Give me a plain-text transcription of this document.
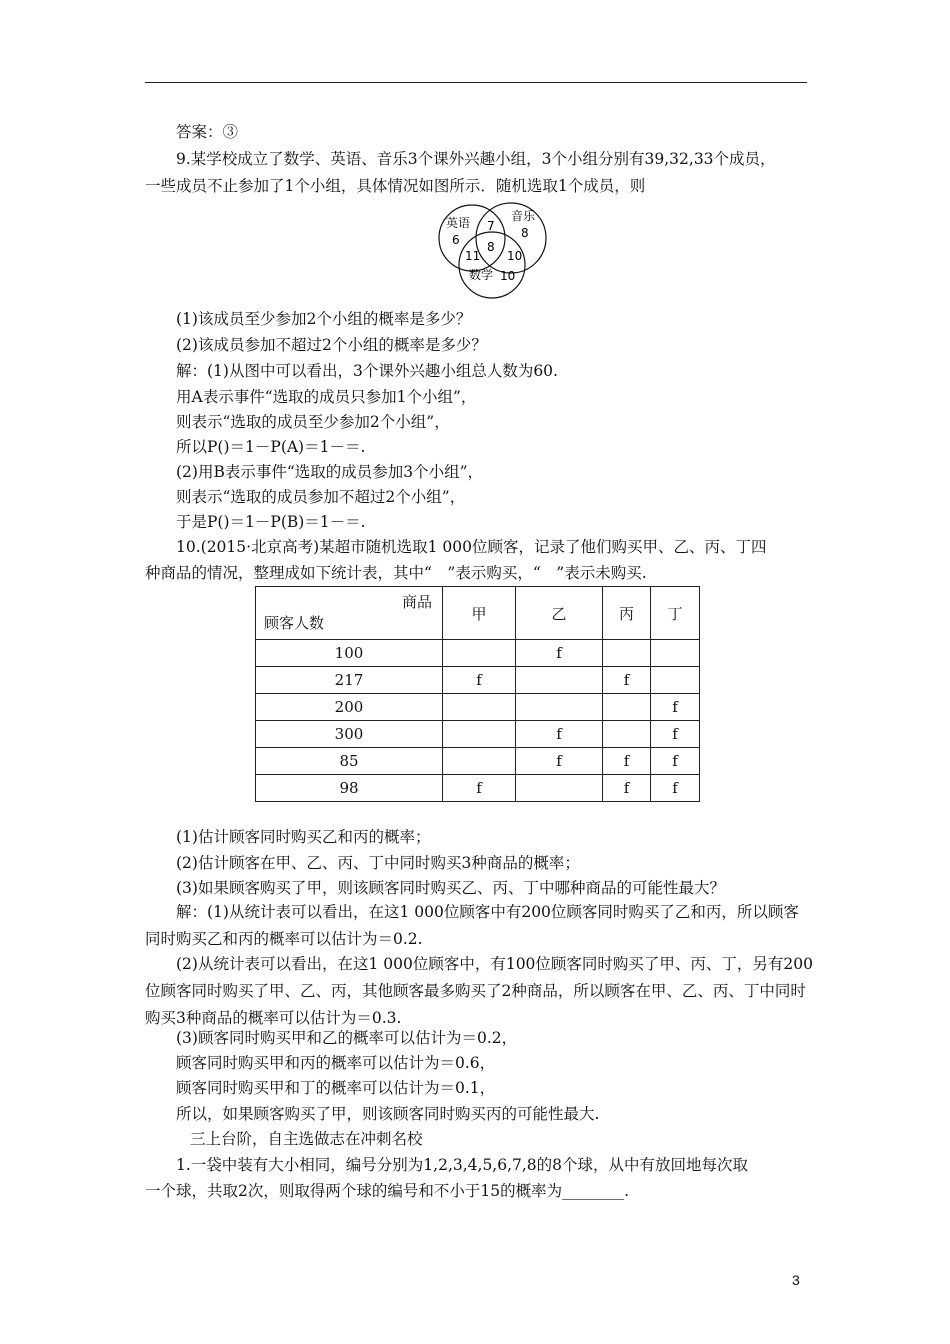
答案：③
9.某学校成立了数学、英语、音乐3个课外兴趣小组，3个小组分别有39,32,33个成员，
一些成员不止参加了1个小组，具体情况如图所示．随机选取1个成员，则
英语
6
音乐
8
7
8
11 10
数学 10
(1)该成员至少参加2个小组的概率是多少？
(2)该成员参加不超过2个小组的概率是多少？
解：(1)从图中可以看出，3个课外兴趣小组总人数为60.
用A表示事件“选取的成员只参加1个小组”，
则表示“选取的成员至少参加2个小组”，
所以P()＝1－P(A)＝1－＝.
(2)用B表示事件“选取的成员参加3个小组”，
则表示“选取的成员参加不超过2个小组”，
于是P()＝1－P(B)＝1－＝.
10.(2015·北京高考)某超市随机选取1 000位顾客，记录了他们购买甲、乙、丙、丁四
种商品的情况，整理成如下统计表，其中“　”表示购买，“　”表示未购买.
商品
顾客人数	甲	乙	丙	丁
100		f		
217	f		f	
200				f
300		f		f
85		f	f	f
98	f		f	f
(1)估计顾客同时购买乙和丙的概率；
(2)估计顾客在甲、乙、丙、丁中同时购买3种商品的概率；
(3)如果顾客购买了甲，则该顾客同时购买乙、丙、丁中哪种商品的可能性最大？
解：(1)从统计表可以看出，在这1 000位顾客中有200位顾客同时购买了乙和丙，所以顾客同时购买乙和丙的概率可以估计为＝0.2.
(2)从统计表可以看出，在这1 000位顾客中，有100位顾客同时购买了甲、丙、丁，另有200位顾客同时购买了甲、乙、丙，其他顾客最多购买了2种商品，所以顾客在甲、乙、丙、丁中同时购买3种商品的概率可以估计为＝0.3.
(3)顾客同时购买甲和乙的概率可以估计为＝0.2，
顾客同时购买甲和丙的概率可以估计为＝0.6，
顾客同时购买甲和丁的概率可以估计为＝0.1，
所以，如果顾客购买了甲，则该顾客同时购买丙的可能性最大.
三上台阶，自主选做志在冲刺名校
1.一袋中装有大小相同，编号分别为1,2,3,4,5,6,7,8的8个球，从中有放回地每次取
一个球，共取2次，则取得两个球的编号和不小于15的概率为________.
3
